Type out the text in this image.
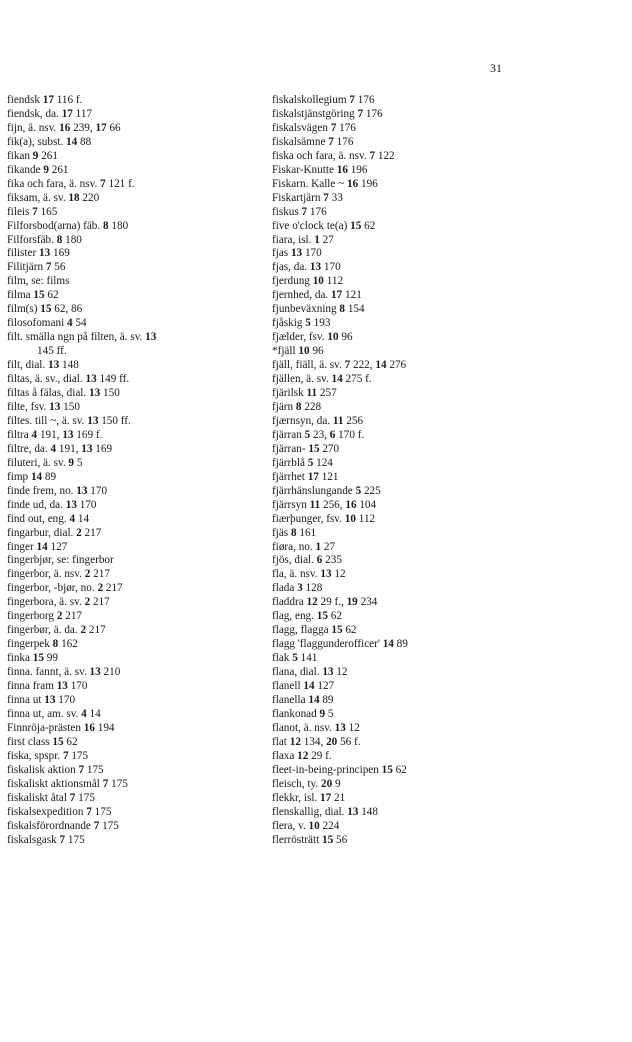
31
fiendsk 17 116 f.
fiendsk, da. 17 117
fijn, ä. nsv. 16 239, 17 66
fik(a), subst. 14 88
fikan 9 261
fikande 9 261
fika och fara, ä. nsv. 7 121 f.
fiksam, ä. sv. 18 220
fileis 7 165
Filforsbod(arna) fäb. 8 180
Filforsfäb. 8 180
filister 13 169
Filitjärn 7 56
film, se: films
filma 15 62
film(s) 15 62, 86
filosofomani 4 54
filt. smälla ngn på filten, ä. sv. 13
145 ff.
filt, dial. 13 148
filtas, ä. sv., dial. 13 149 ff.
filtas å fälas, dial. 13 150
filte, fsv. 13 150
filtes. till ~, ä. sv. 13 150 ff.
filtra 4 191, 13 169 f.
filtre, da. 4 191, 13 169
filuteri, ä. sv. 9 5
fimp 14 89
finde frem, no. 13 170
finde ud, da. 13 170
find out, eng. 4 14
fingarbur, dial. 2 217
finger 14 127
fingerbjør, se: fingerbor
fingerbor, ä. nsv. 2 217
fingerbor, -bjør, no. 2 217
fingerbora, ä. sv. 2 217
fingerborg 2 217
fingerbør, ä. da. 2 217
fingerpek 8 162
finka 15 99
finna. fannt, ä. sv. 13 210
finna fram 13 170
finna ut 13 170
finna ut, am. sv. 4 14
Finnröja-prästen 16 194
first class 15 62
fiska, spspr. 7 175
fiskalisk aktion 7 175
fiskaliskt aktionsmål 7 175
fiskaliskt åtal 7 175
fiskalsexpedition 7 175
fiskalsförordnande 7 175
fiskalsgask 7 175
fiskalskollegium 7 176
fiskalstjänstgöring 7 176
fiskalsvägen 7 176
fiskalsämne 7 176
fiska och fara, ä. nsv. 7 122
Fiskar-Knutte 16 196
Fiskarn. Kalle ~ 16 196
Fiskartjärn 7 33
fiskus 7 176
five o'clock te(a) 15 62
fiara, isl. 1 27
fjas 13 170
fjas, da. 13 170
fjerdung 10 112
fjernhed, da. 17 121
fjunbeväxning 8 154
fjåskig 5 193
fjælder, fsv. 10 96
*fjäll 10 96
fjäll, fiäll, ä. sv. 7 222, 14 276
fjällen, ä. sv. 14 275 f.
fjärilsk 11 257
fjärn 8 228
fjærnsyn, da. 11 256
fjärran 5 23, 6 170 f.
fjärran- 15 270
fjärrblå 5 124
fjärrhet 17 121
fjärrhänslungande 5 225
fjärrsyn 11 256, 16 104
fiærþunger, fsv. 10 112
fjäs 8 161
fiøra, no. 1 27
fjös, dial. 6 235
fla, ä. nsv. 13 12
flada 3 128
fladdra 12 29 f., 19 234
flag, eng. 15 62
flagg, flagga 15 62
flagg 'flaggunderofficer' 14 89
flak 5 141
flana, dial. 13 12
flanell 14 127
flanella 14 89
flankonad 9 5
flanot, ä. nsv. 13 12
flat 12 134, 20 56 f.
flaxa 12 29 f.
fleet-in-being-principen 15 62
fleisch, ty. 20 9
flekkr, isl. 17 21
flenskallig, dial. 13 148
flera, v. 10 224
flerrösträtt 15 56
